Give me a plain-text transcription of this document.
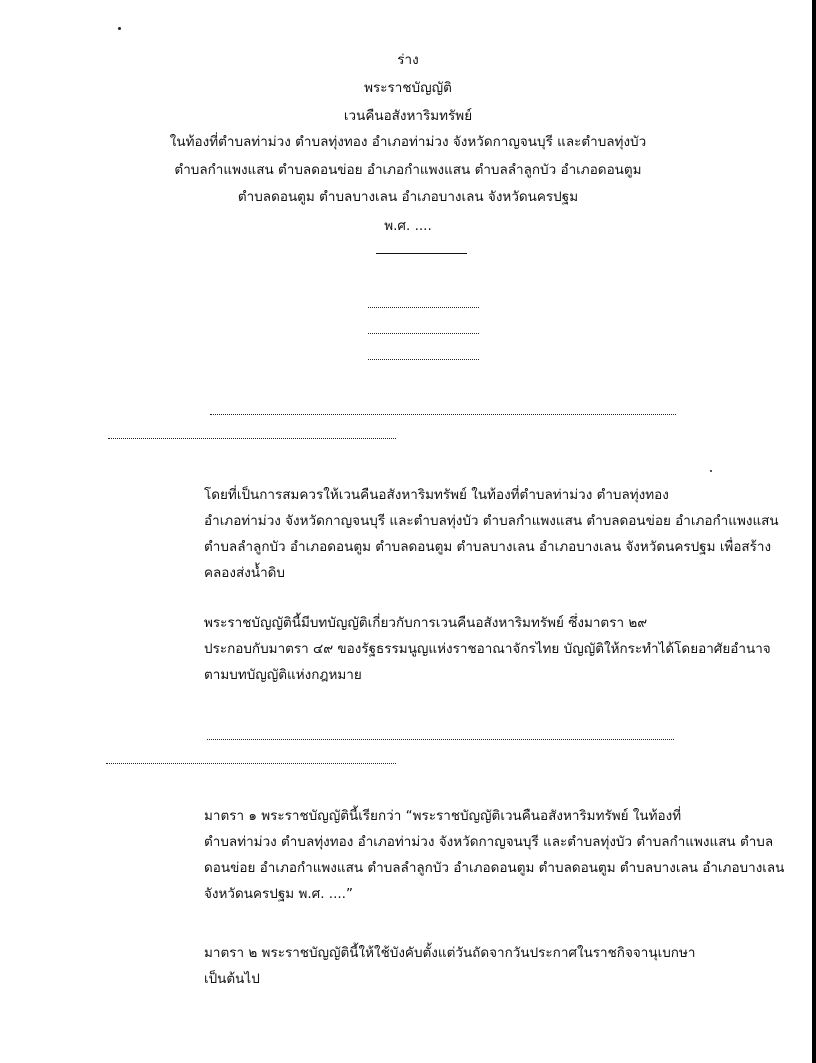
ร่าง
พระราชบัญญัติ
เวนคืนอสังหาริมทรัพย์
ในท้องที่ตำบลท่าม่วง ตำบลทุ่งทอง อำเภอท่าม่วง จังหวัดกาญจนบุรี และตำบลทุ่งบัว
ตำบลกำแพงแสน ตำบลดอนข่อย อำเภอกำแพงแสน ตำบลลำลูกบัว อำเภอดอนตูม
ตำบลดอนตูม ตำบลบางเลน อำเภอบางเลน จังหวัดนครปฐม
พ.ศ. ....

โดยที่เป็นการสมควรให้เวนคืนอสังหาริมทรัพย์ ในท้องที่ตำบลท่าม่วง ตำบลทุ่งทอง
อำเภอท่าม่วง จังหวัดกาญจนบุรี และตำบลทุ่งบัว ตำบลกำแพงแสน ตำบลดอนข่อย อำเภอกำแพงแสน
ตำบลลำลูกบัว อำเภอดอนตูม ตำบลดอนตูม ตำบลบางเลน อำเภอบางเลน จังหวัดนครปฐม เพื่อสร้าง
คลองส่งน้ำดิบ

พระราชบัญญัตินี้มีบทบัญญัติเกี่ยวกับการเวนคืนอสังหาริมทรัพย์ ซึ่งมาตรา ๒๙
ประกอบกับมาตรา ๔๙ ของรัฐธรรมนูญแห่งราชอาณาจักรไทย บัญญัติให้กระทำได้โดยอาศัยอำนาจ
ตามบทบัญญัติแห่งกฎหมาย

มาตรา ๑ พระราชบัญญัตินี้เรียกว่า “พระราชบัญญัติเวนคืนอสังหาริมทรัพย์ ในท้องที่
ตำบลท่าม่วง ตำบลทุ่งทอง อำเภอท่าม่วง จังหวัดกาญจนบุรี และตำบลทุ่งบัว ตำบลกำแพงแสน ตำบล
ดอนข่อย อำเภอกำแพงแสน ตำบลลำลูกบัว อำเภอดอนตูม ตำบลดอนตูม ตำบลบางเลน อำเภอบางเลน
จังหวัดนครปฐม พ.ศ. ....”

มาตรา ๒ พระราชบัญญัตินี้ให้ใช้บังคับตั้งแต่วันถัดจากวันประกาศในราชกิจจานุเบกษา
เป็นต้นไป
